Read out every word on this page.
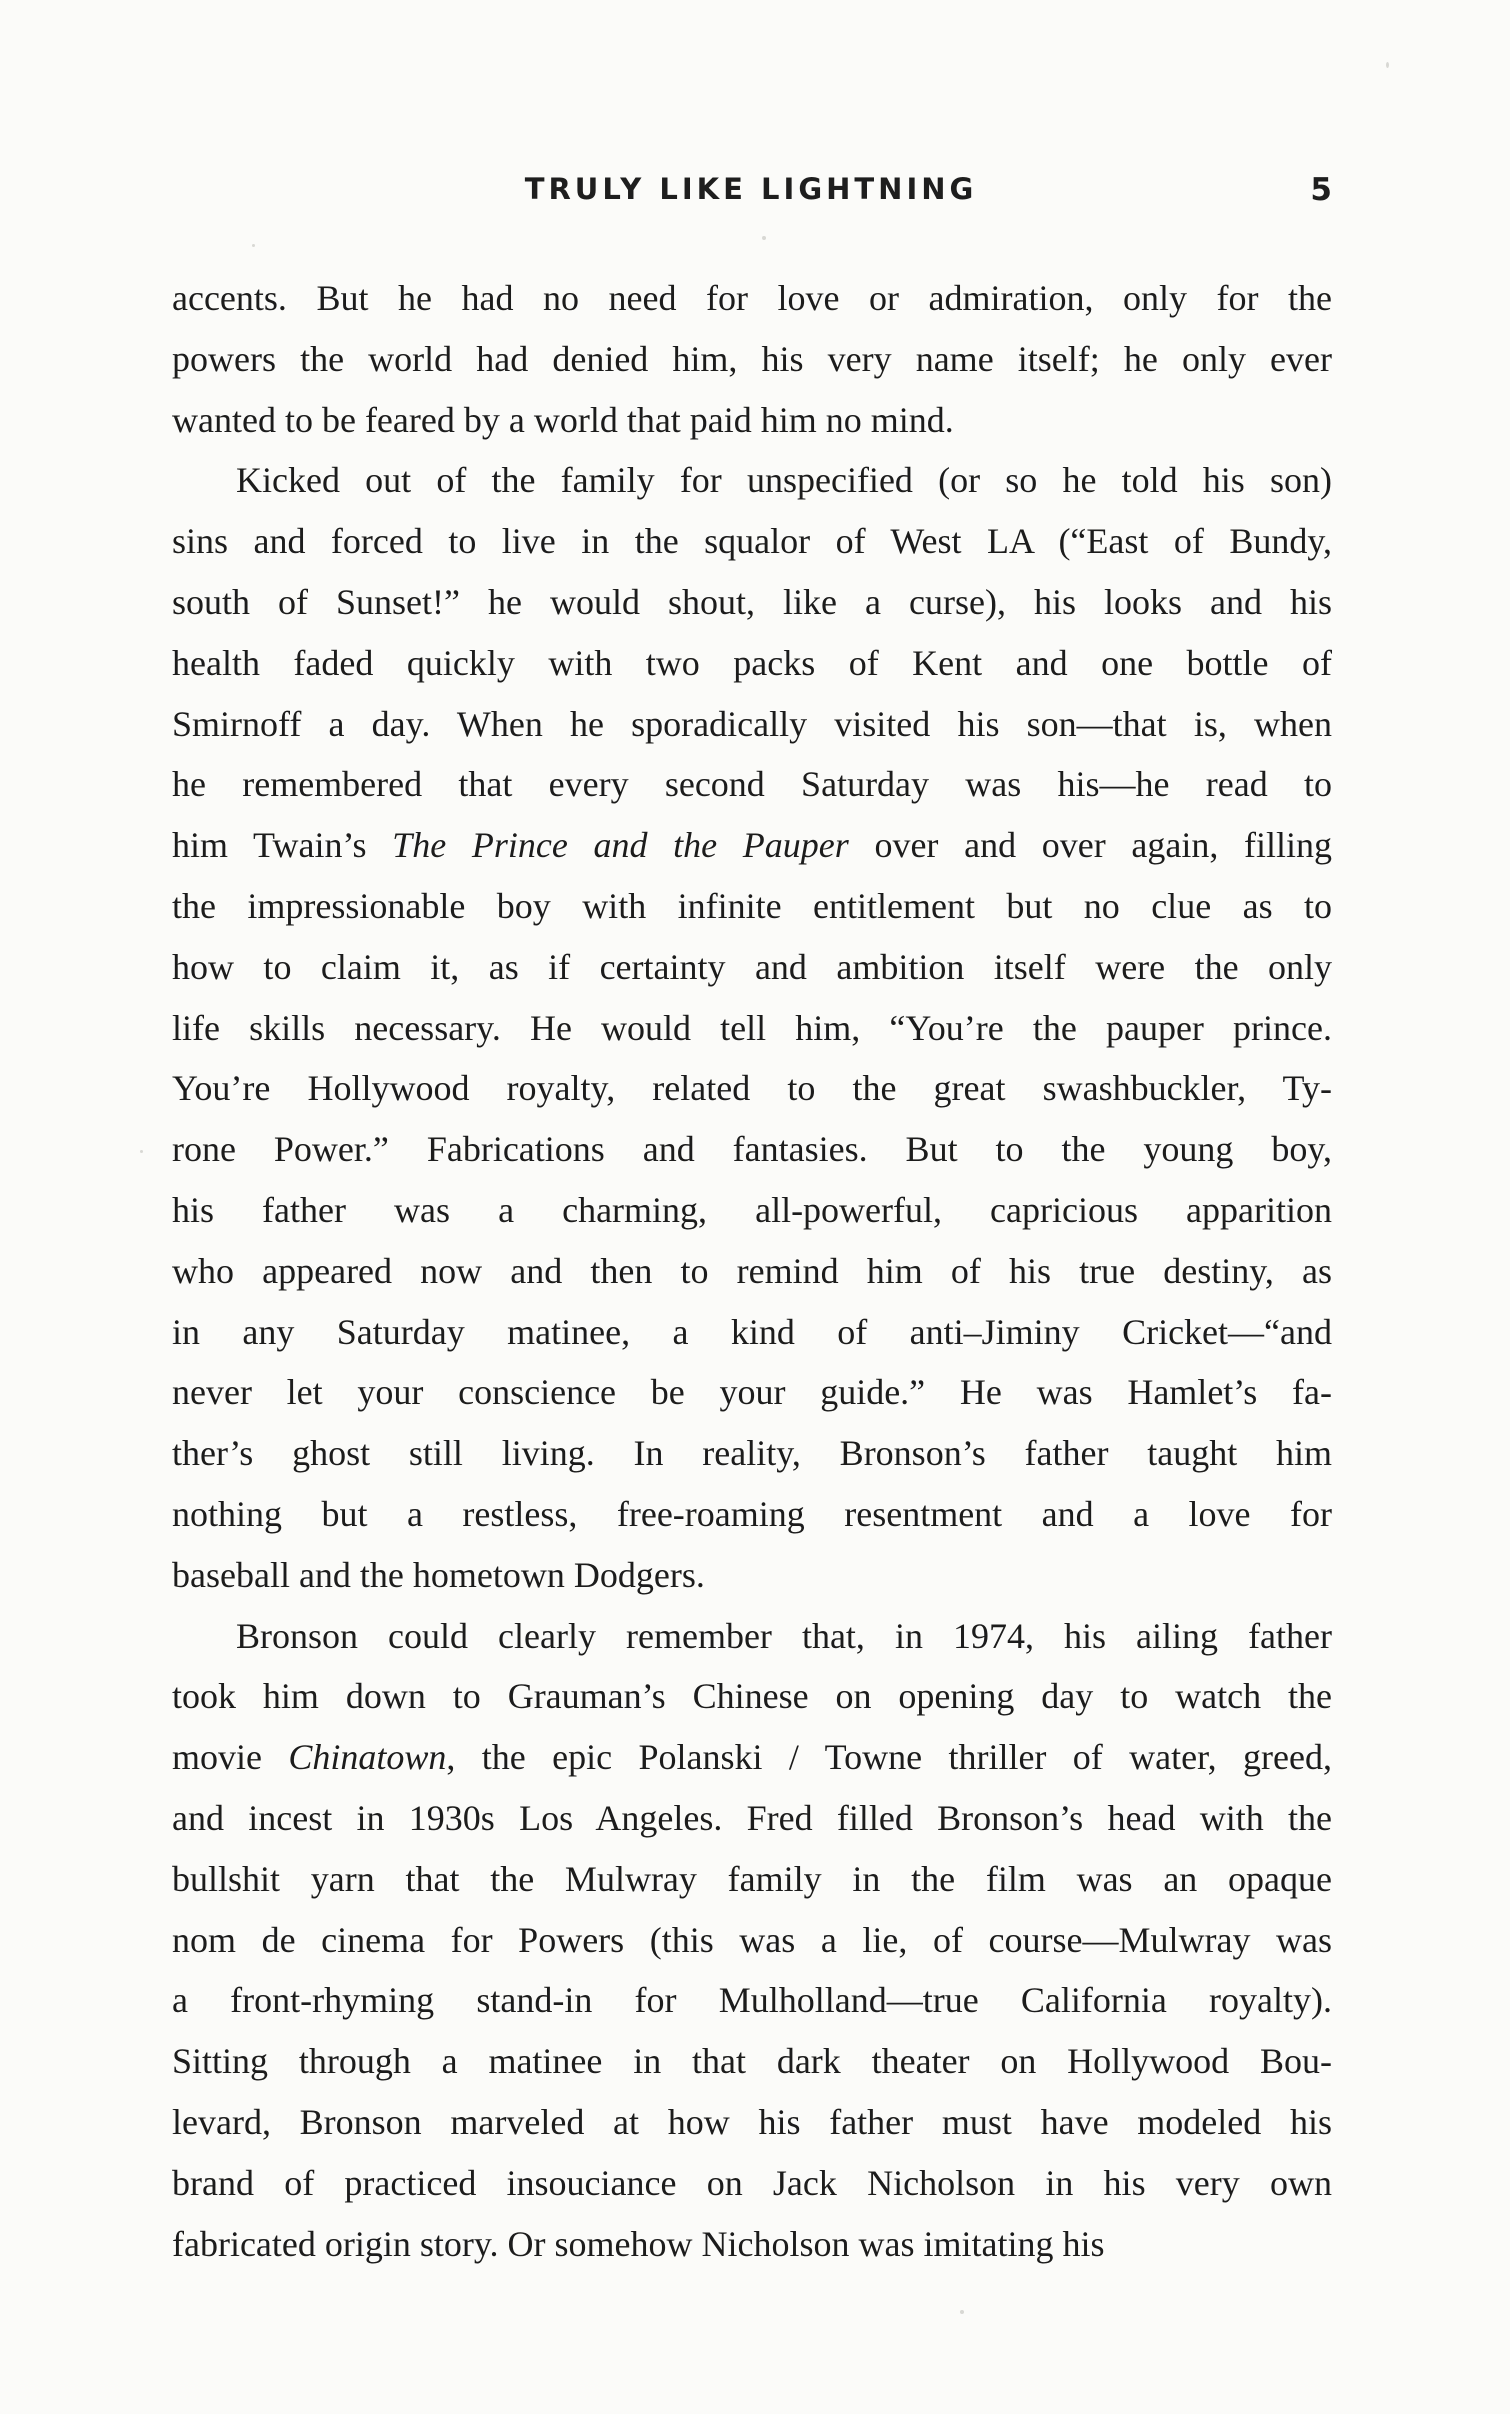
TRULY LIKE LIGHTNING	5
accents. But he had no need for love or admiration, only for the
powers the world had denied him, his very name itself; he only ever
wanted to be feared by a world that paid him no mind.
Kicked out of the family for unspecified (or so he told his son)
sins and forced to live in the squalor of West LA (“East of Bundy,
south of Sunset!” he would shout, like a curse), his looks and his
health faded quickly with two packs of Kent and one bottle of
Smirnoff a day. When he sporadically visited his son—that is, when
he remembered that every second Saturday was his—he read to
him Twain’s The Prince and the Pauper over and over again, filling
the impressionable boy with infinite entitlement but no clue as to
how to claim it, as if certainty and ambition itself were the only
life skills necessary. He would tell him, “You’re the pauper prince.
You’re Hollywood royalty, related to the great swashbuckler, Ty-
rone Power.” Fabrications and fantasies. But to the young boy,
his father was a charming, all-powerful, capricious apparition
who appeared now and then to remind him of his true destiny, as
in any Saturday matinee, a kind of anti–Jiminy Cricket—“and
never let your conscience be your guide.” He was Hamlet’s fa-
ther’s ghost still living. In reality, Bronson’s father taught him
nothing but a restless, free-roaming resentment and a love for
baseball and the hometown Dodgers.
Bronson could clearly remember that, in 1974, his ailing father
took him down to Grauman’s Chinese on opening day to watch the
movie Chinatown, the epic Polanski / Towne thriller of water, greed,
and incest in 1930s Los Angeles. Fred filled Bronson’s head with the
bullshit yarn that the Mulwray family in the film was an opaque
nom de cinema for Powers (this was a lie, of course—Mulwray was
a front-rhyming stand-in for Mulholland—true California royalty).
Sitting through a matinee in that dark theater on Hollywood Bou-
levard, Bronson marveled at how his father must have modeled his
brand of practiced insouciance on Jack Nicholson in his very own
fabricated origin story. Or somehow Nicholson was imitating his
